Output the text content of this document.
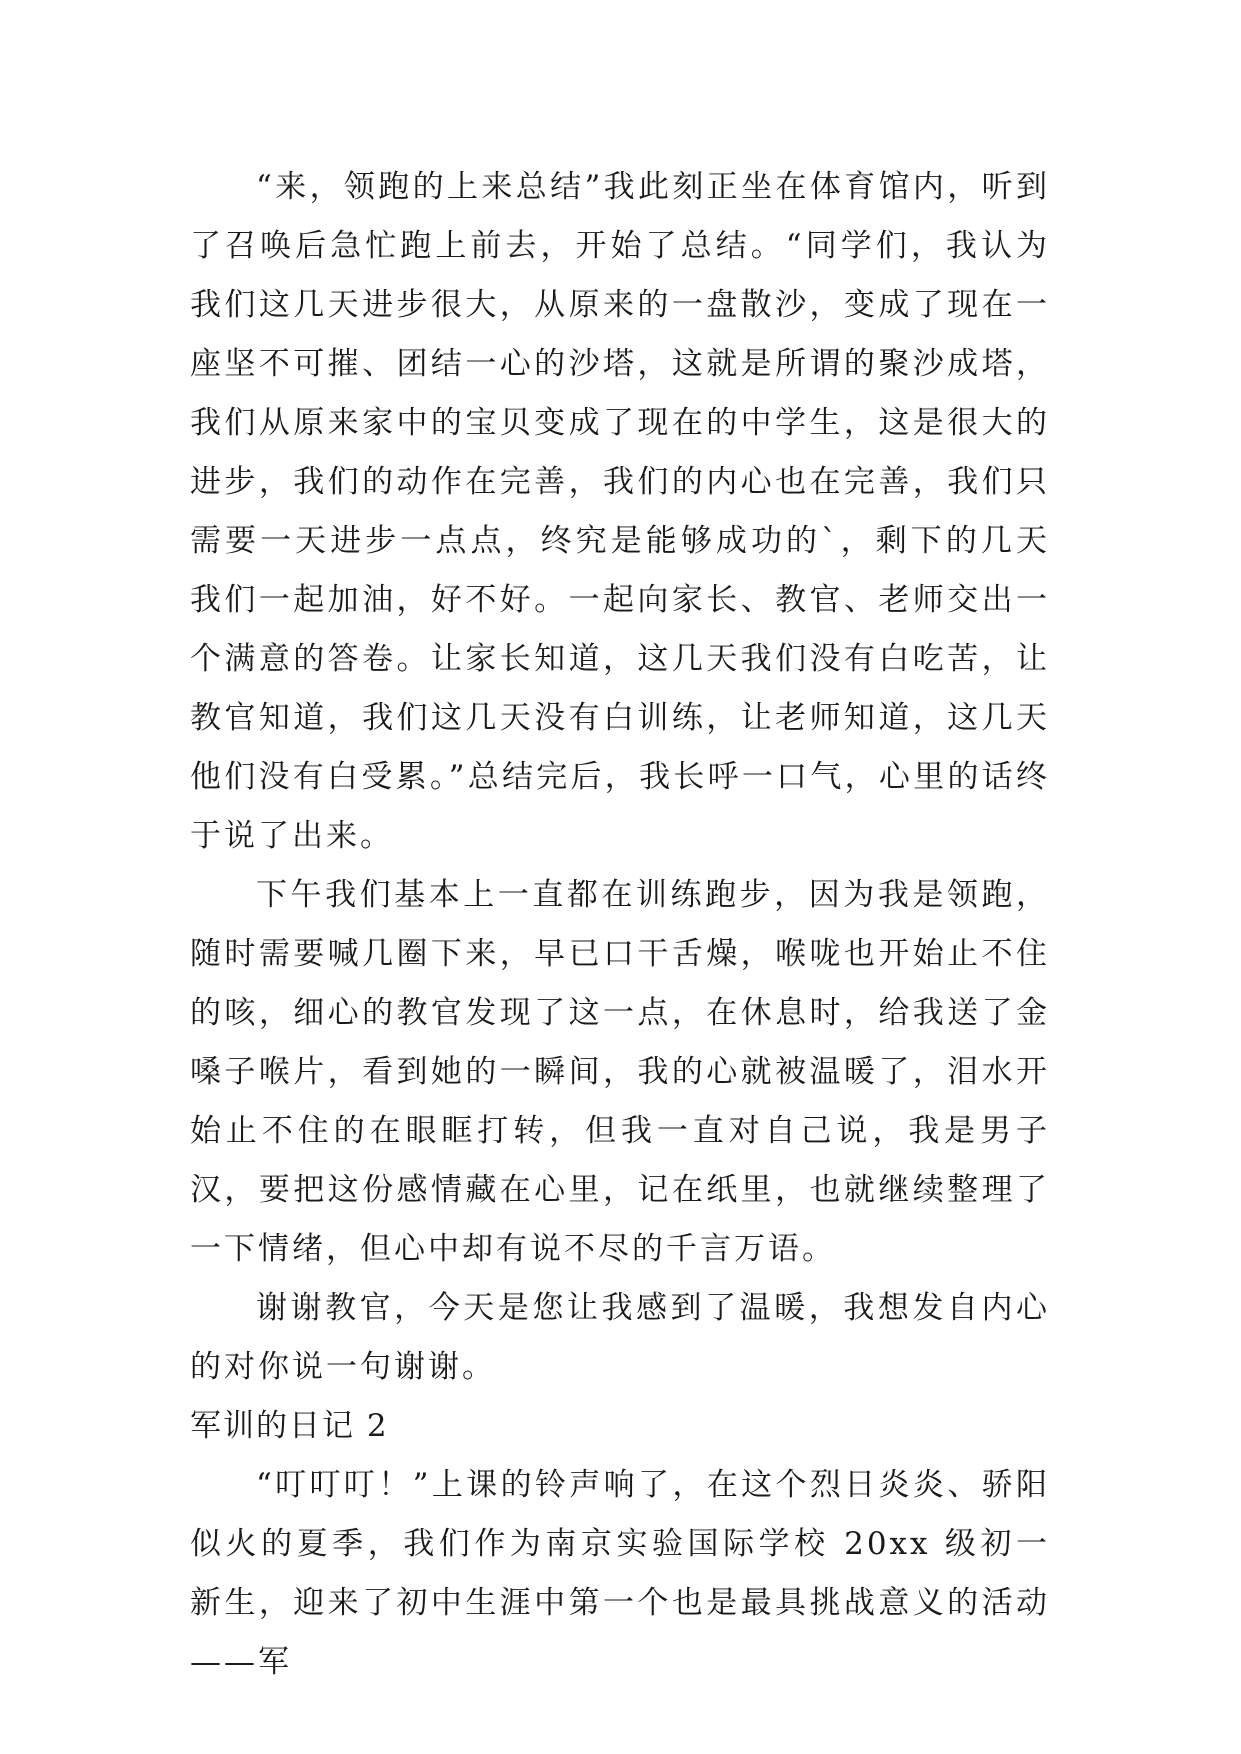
“来，领跑的上来总结”我此刻正坐在体育馆内，听到了召唤后急忙跑上前去，开始了总结。“同学们，我认为我们这几天进步很大，从原来的一盘散沙，变成了现在一座坚不可摧、团结一心的沙塔，这就是所谓的聚沙成塔，我们从原来家中的宝贝变成了现在的中学生，这是很大的进步，我们的动作在完善，我们的内心也在完善，我们只需要一天进步一点点，终究是能够成功的`，剩下的几天我们一起加油，好不好。一起向家长、教官、老师交出一个满意的答卷。让家长知道，这几天我们没有白吃苦，让教官知道，我们这几天没有白训练，让老师知道，这几天他们没有白受累。”总结完后，我长呼一口气，心里的话终于说了出来。

下午我们基本上一直都在训练跑步，因为我是领跑，随时需要喊几圈下来，早已口干舌燥，喉咙也开始止不住的咳，细心的教官发现了这一点，在休息时，给我送了金嗓子喉片，看到她的一瞬间，我的心就被温暖了，泪水开始止不住的在眼眶打转，但我一直对自己说，我是男子汉，要把这份感情藏在心里，记在纸里，也就继续整理了一下情绪，但心中却有说不尽的千言万语。

谢谢教官，今天是您让我感到了温暖，我想发自内心的对你说一句谢谢。

军训的日记 2

“叮叮叮！”上课的铃声响了，在这个烈日炎炎、骄阳似火的夏季，我们作为南京实验国际学校 20xx 级初一新生，迎来了初中生涯中第一个也是最具挑战意义的活动——军
